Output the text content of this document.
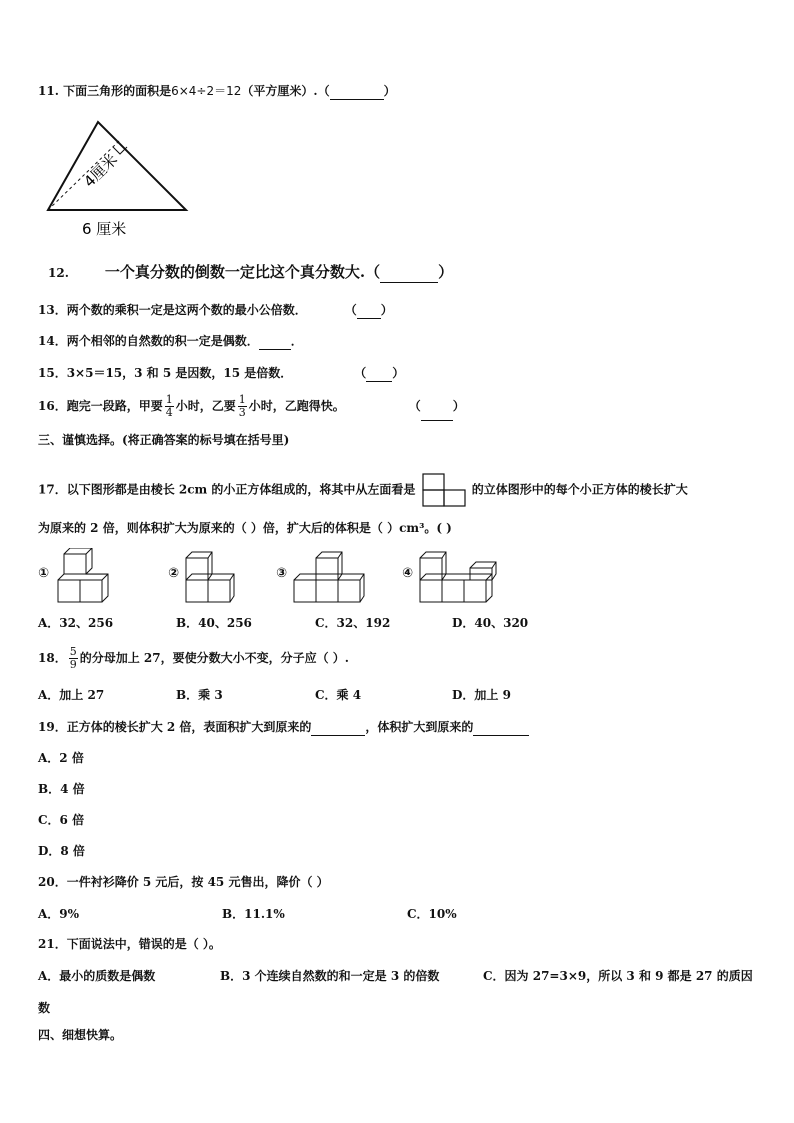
11. 下面三角形的面积是6×4÷2＝12（平方厘米）.（	）
4厘米
6 厘米
12. 一个真分数的倒数一定比这个真分数大.（	）
13．两个数的乘积一定是这两个数的最小公倍数．	（ ）
14．两个相邻的自然数的积一定是偶数．	．
15．3×5＝15，3 和 5 是因数，15 是倍数．	（ ）
16．跑完一段路，甲要 $\frac{1}{4}$ 小时，乙要 $\frac{1}{3}$ 小时，乙跑得快。	（	）
三、谨慎选择。(将正确答案的标号填在括号里)
17．以下图形都是由棱长 2cm 的小正方体组成的，将其中从左面看是	的立体图形中的每个小正方体的棱长扩大
为原来的 2 倍，则体积扩大为原来的（ ）倍，扩大后的体积是（ ）cm³。( )
①	②	③	④
A．32、256	B．40、256	C．32、192	D．40、320
18． $\frac{5}{9}$ 的分母加上 27，要使分数大小不变，分子应（ ）.
A．加上 27	B．乘 3	C．乘 4	D．加上 9
19．正方体的棱长扩大 2 倍，表面积扩大到原来的	，体积扩大到原来的
A．2 倍
B．4 倍
C．6 倍
D．8 倍
20．一件衬衫降价 5 元后，按 45 元售出，降价（ ）
A．9%	B．11.1%	C．10%
21．下面说法中，错误的是（ ）。
A．最小的质数是偶数	B．3 个连续自然数的和一定是 3 的倍数	C．因为 27=3×9，所以 3 和 9 都是 27 的质因
数
四、细想快算。
